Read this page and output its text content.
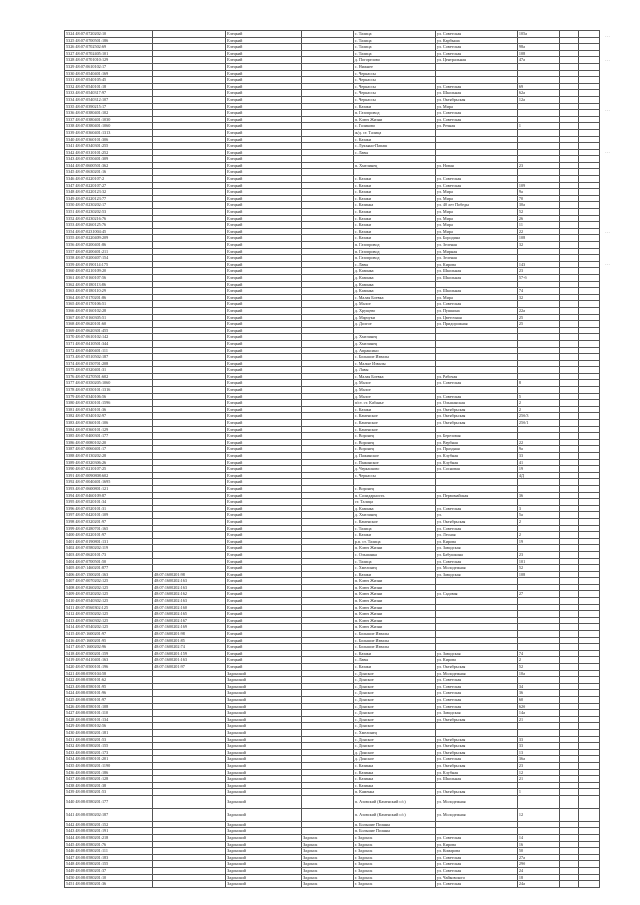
5324 48:07:0720202:10		Елецкий		с. Талица	ул. Советская	105а		
5325 48:07:0700501:186		Елецкий		с. Талица	ул. Карбыша			
5326 48:07:0702502:69		Елецкий		с. Талица	ул. Советская	98а		
5327 48:07:0702405:101		Елецкий		с. Талица	ул. Советская	108		
5328 48:07:0701010:129		Елецкий		д. Погорелово	ул. Центральная	47а		
5329 48:07:0610102:17		Елецкий		с. Нижнее				
5330 48:07:0540401:169		Елецкий		с. Черкассы				
5331 48:07:0540105:45		Елецкий		с. Черкассы				
5332 48:07:0540101:18		Елецкий		с. Черкассы	ул. Советская	69		
5333 48:07:0540317:97		Елецкий		с. Черкассы	ул. Школьная	62а		
5334 48:07:0540312:107		Елецкий		с. Черкассы	ул. Октябрьская	12а		
5335 48:07:0390215:17		Елецкий		с. Казаки	ул. Мира			
5336 48:07:0380401:102		Елецкий		п. Газопровод	ул. Советская			
5337 48:07:0380401:1030		Елецкий		п. Ключ Жизни	ул. Советская			
5338 48:07:0380401:1060		Елецкий		с. Голиково	ул. Речная	1		
5339 48:07:0360401:1313		Елецкий		ж/д. ст. Талица				
5340 48:07:0360101:306		Елецкий		с. Казаки				
5341 48:07:0340301:255		Елецкий		с. Лукьяно-Папаш				
5342 48:07:0310101:252		Елецкий		с. Лавы				
5343 48:07:0350401:309		Елецкий						
5344 48:07:0600501:362		Елецкий		п. Хмелинец	ул. Новая	23		
5345 48:07:0630201:16		Елецкий						
5346 48:07:0220107:2		Елецкий		с. Казаки	ул. Советская			
5347 48:07:0220107:27		Елецкий		с. Казаки	ул. Советская	109		
5348 48:07:0220123:32		Елецкий		с. Казаки	ул. Мира	9а		
5349 48:07:0220123:77		Елецкий		с. Казаки	ул. Мира	70		
5350 48:07:0230202:17		Елецкий		с. Казинка	ул. 40 лет Победы	30а		
5351 48:07:0230202:53		Елецкий		с. Казаки	ул. Мира	52		
5352 48:07:0230216:76		Елецкий		с. Казаки	ул. Мира	26		
5353 48:07:0260125:76		Елецкий		с. Казаки	ул. Мира	11		
5354 48:07:0231004:45		Елецкий		с. Казаки	ул. Мира	22		
5355 48:07:0220409:209		Елецкий		с. Казаки	ул. Бородина	108		
5356 48:07:0200401:86		Елецкий		п. Газопровод	ул. Зеленая	32		
5357 48:07:0200401:211		Елецкий		п. Газопровод	ул. Мирная			
5358 48:07:0200407:154		Елецкий		п. Газопровод	ул. Зеленая			
5359 48:07:0190114:175		Елецкий		с. Лавы	ул. Кирова	143		
5360 48:07:0210109:20		Елецкий		д. Казинка	ул. Школьная	23		
5361 48:07:0160107:56		Елецкий		д. Казинка	ул. Школьная	57-б		
5362 48:07:0180113:86		Елецкий		д. Казинка				
5363 48:07:0180110:29		Елецкий		д. Казинка	ул. Школьная	74		
5364 48:07:0170201:86		Елецкий		с. Малая Боевка	ул. Мира	32		
5365 48:07:0170106:51		Елецкий		д. Малое	ул. Советская			
5366 48:07:0160102:28		Елецкий		д. Хрущево	ул. Пушкина	22а		
5367 48:07:0160305:51		Елецкий		д. Марчуки	ул. Цветочная	25		
5368 48:07:0620101:60		Елецкий		д. Долгое	ул. Придорожная	25		
5369 48:07:0620301:455		Елецкий						
5370 48:07:0610102:142		Елецкий		д. Хмелинец				
5371 48:07:0410501:344		Елецкий		д. Хмелинец				
5372 48:07:0400401:111		Елецкий		д. Апраксино				
5373 48:07:0510502:187		Елецкий		с. Большие Извалы				
5374 48:07:0150701:208		Елецкий		с. Малые Извалы				
5375 48:07:0320401:31		Елецкий		д. Лавы				
5376 48:07:0270501:602		Елецкий		с. Малая Боевка	ул. Рабочая			
5377 48:07:0350205:1060		Елецкий		д. Малое	ул. Советская	8		
5378 48:07:0350101:1316		Елецкий		д. Малое				
5379 48:07:0340106:56		Елецкий		д. Малое	ул. Советская	5		
5380 48:07:0330101:1596		Елецкий		п/ст. ст. Кабанье	ул. Ольшанская	2		
5381 48:07:0340101:36		Елецкий		с. Казаки	ул. Октябрьская	2		
5382 48:07:0340102:97		Елецкий		с. Каменское	ул. Октябрьская	25б/3		
5383 48:07:0360101:106		Елецкий		с. Каменское	ул. Октябрьская	25б/1		
5384 48:07:0360101:129		Елецкий		с. Каменское				
5385 48:07:0400301:177		Елецкий		с. Воронец	ул. Березовая			
5386 48:07:0080102:20		Елецкий		с. Воронец	ул. Вербная	22		
5387 48:07:0060401:17		Елецкий		с. Воронец	ул. Праздная	9а		
5388 48:07:0130202:28		Елецкий		д. Пажинское	ул. Клубная	33		
5389 48:07:0320306:26		Елецкий		с. Пажинское	ул. Клубная	41		
5390 48:07:0210107:25		Елецкий		д. Черкасково	ул. Сосновая	19		
5391 48:07:0090808:602		Елецкий		с. Черкассы		4Д		
5392 48:07:0040401:1695		Елецкий						
5393 48:07:0600801:121		Елецкий		с. Воронец				
5394 48:07:0460109:87		Елецкий		п. Солидарность	ул. Первомайская	36		
5395 48:07:0520101:34		Елецкий		ст. Талица				
5396 48:07:0520101:31		Елецкий		д. Казинка	ул. Советская	3		
5397 48:07:0420101:109		Елецкий		д. Хмелинец	ул.	5а		
5398 48:07:0320201:97		Елецкий		с. Каменское	ул. Октябрьская	2		
5399 48:07:0280701:165		Елецкий		с. Талица	ул. Советская			
5400 48:07:0220101:97		Елецкий		с. Казаки	ул. Лесная	2		
5401 48:07:0190801:131		Елецкий		р.п. ст. Талица	ул. Кирова	19		
5402 48:07:0580202:119		Елецкий		п. Ключ Жизни	ул. Заводская			
5403 48:07:0620101:73		Елецкий		с. Ольшанка	ул. Бабушкина	23		
5404 48:07:0700501:50		Елецкий		с. Талица	ул. Советская	101		
5405 48:07:1460201:877		Елецкий		с. Хмелинец	ул. Молодежная	52		
5406 48:07:1500201:163	48:07:1600201:98	Елецкий		с. Казаки	ул. Заводская	108		
5407 48:07:0070202:125	48:07:1600202:163	Елецкий		п. Ключ Жизни				
5408 48:07:0260202:125	48:07:1600202:163	Елецкий		п. Ключ Жизни				
5409 48:07:0520202:125	48:07:1600202:162	Елецкий		п. Ключ Жизни	ул. Садовая	27		
5410 48:07:0540302:125	48:07:1600202:163	Елецкий		п. Ключ Жизни				
5411 48:07:0560302:125	48:07:1600202:160	Елецкий		п. Ключ Жизни				
5412 48:07:0550202:125	48:07:1600202:165	Елецкий		п. Ключ Жизни				
5413 48:07:0560302:125	48:07:1600202:167	Елецкий		п. Ключ Жизни				
5414 48:07:0540202:125	48:07:1600202:169	Елецкий		п. Ключ Жизни				
5415 48:07:1600201:97	48:07:1600201:98	Елецкий		с. Большие Извалы				
5416 48:07:1600201:95	48:07:1600201:85	Елецкий		с. Большие Извалы				
5417 48:07:1600202:96	48:07:1600202:74	Елецкий		с. Большие Извалы				
5418 48:07:0500201:159	48:07:1600201:159	Елецкий		с. Казаки	ул. Заводская	74		
5419 48:07:0410401:163	48:07:1600201:163	Елецкий		с. Лавы	ул. Кирова	2		
5420 48:07:0500101:196	48:07:1600201:97	Елецкий		с. Казаки	ул. Октябрьская	52		
5421 48:08:0590104:58		Задонский		с. Донское	ул. Молодежная	10а		
5422 48:08:0580101:62		Задонский		с. Донское	ул. Советская			
5423 48:08:0580101:95		Задонский		с. Донское	ул. Советская	34		
5424 48:08:0580101:96		Задонский		с. Донское	ул. Советская	36		
5425 48:08:0580101:97		Задонский		с. Донское	ул. Советская	60		
5426 48:08:0580101:108		Задонский		с. Донское	ул. Советская	62б		
5427 48:08:0580101:110		Задонский		с. Донское	ул. Заводская	14а		
5428 48:08:0580101:134		Задонский		с. Донское	ул. Октябрьская	21		
5429 48:08:0580102:56		Задонский		с. Донское				
5430 48:08:0580201:181		Задонский		с. Хмелинец				
5431 48:08:0580201:53		Задонский		с. Донское	ул. Октябрьская	33		
5432 48:08:0580201:155		Задонский		с. Донское	ул. Октябрьская	33		
5433 48:08:0580201:173		Задонский		д. Донское	ул. Октябрьская	13		
5434 48:08:0580101:201		Задонский		д. Донское	ул. Советская	36а		
5435 48:08:0580201:1190		Задонский		с. Казинка	ул. Октябрьская	23		
5436 48:08:0580201:186		Задонский		с. Казинка	ул. Клубная	12		
5437 48:08:0580201:128		Задонский		с. Казинка	ул. Школьная	21		
5438 48:08:0580201:38		Задонский		с. Казинка				
5439 48:08:0580201:53		Задонский		п. Каменка	ул. Октябрьская	1		
5440 48:08:0580201:177		Задонский		п. Азовский (Каменский с/с)	ул. Молодежная			
5441 48:08:0580202:187		Задонский		п. Азовский (Каменский с/с)	ул. Молодежная	12		
5442 48:08:0580201:152		Задонский		п. Большие Поляны				
5443 48:08:0580201:191		Задонский		п. Большие Поляны				
5444 48:08:0580201:218		Задонский	Задонск	г. Задонск	ул. Советская	14		
5445 48:08:0580201:76		Задонский	Задонск	г. Задонск	ул. Кирова	16		
5446 48:08:0580201:111		Задонский	Задонск	г. Задонск	ул. Комарова	50		
5447 48:08:0580201:183		Задонский	Задонск	г. Задонск	ул. Советская	27а		
5448 48:08:0580201:155		Задонский	Задонск	г. Задонск	ул. Советская	29б		
5449 48:08:0580201:37		Задонский	Задонск	г. Задонск	ул. Советская	24		
5450 48:08:0580201:10		Задонский	Задонск	г. Задонск	ул. Чайковского	18		
5451 48:08:0580201:36		Задонский	Задонск	г. Задонск	ул. Советская	24а		
…
…
…
…
…
…
